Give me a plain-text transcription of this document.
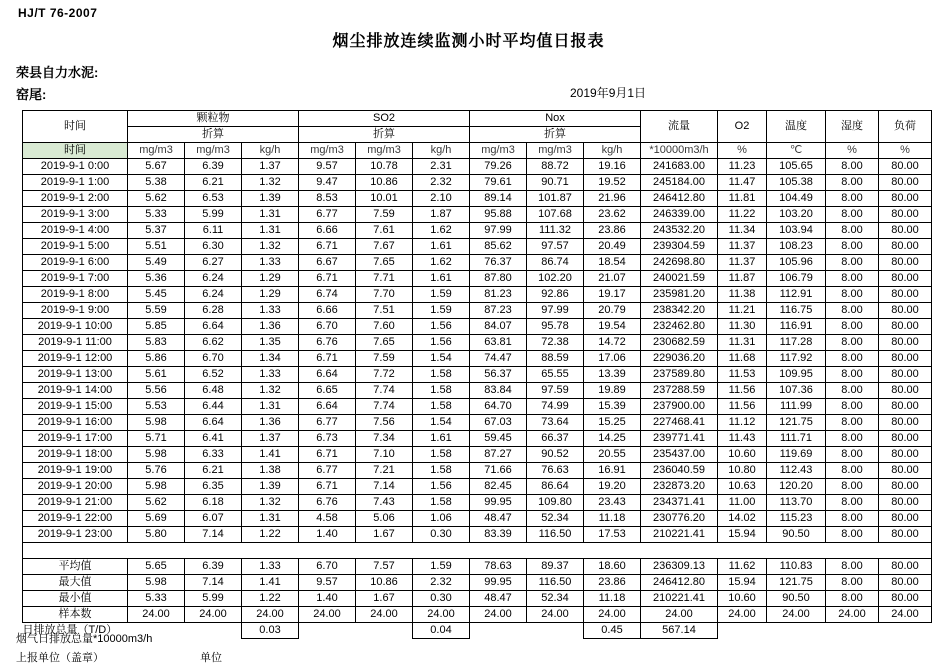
HJ/T 76-2007
烟尘排放连续监测小时平均值日报表
荣县自力水泥:
窑尾:	2019年9月1日
时间	颗粒物			SO2			Nox			流量	O2	温度	湿度	负荷
	折算			折算			折算							
时间	mg/m3	mg/m3	kg/h	mg/m3	mg/m3	kg/h	mg/m3	mg/m3	kg/h	*10000m3/h	%	℃	%	%
2019-9-1 0:00	5.67	6.39	1.37	9.57	10.78	2.31	79.26	88.72	19.16	241683.00	11.23	105.65	8.00	80.00
2019-9-1 1:00	5.38	6.21	1.32	9.47	10.86	2.32	79.61	90.71	19.52	245184.00	11.47	105.38	8.00	80.00
2019-9-1 2:00	5.62	6.53	1.39	8.53	10.01	2.10	89.14	101.87	21.96	246412.80	11.81	104.49	8.00	80.00
2019-9-1 3:00	5.33	5.99	1.31	6.77	7.59	1.87	95.88	107.68	23.62	246339.00	11.22	103.20	8.00	80.00
2019-9-1 4:00	5.37	6.11	1.31	6.66	7.61	1.62	97.99	111.32	23.86	243532.20	11.34	103.94	8.00	80.00
2019-9-1 5:00	5.51	6.30	1.32	6.71	7.67	1.61	85.62	97.57	20.49	239304.59	11.37	108.23	8.00	80.00
2019-9-1 6:00	5.49	6.27	1.33	6.67	7.65	1.62	76.37	86.74	18.54	242698.80	11.37	105.96	8.00	80.00
2019-9-1 7:00	5.36	6.24	1.29	6.71	7.71	1.61	87.80	102.20	21.07	240021.59	11.87	106.79	8.00	80.00
2019-9-1 8:00	5.45	6.24	1.29	6.74	7.70	1.59	81.23	92.86	19.17	235981.20	11.38	112.91	8.00	80.00
2019-9-1 9:00	5.59	6.28	1.33	6.66	7.51	1.59	87.23	97.99	20.79	238342.20	11.21	116.75	8.00	80.00
2019-9-1 10:00	5.85	6.64	1.36	6.70	7.60	1.56	84.07	95.78	19.54	232462.80	11.30	116.91	8.00	80.00
2019-9-1 11:00	5.83	6.62	1.35	6.76	7.65	1.56	63.81	72.38	14.72	230682.59	11.31	117.28	8.00	80.00
2019-9-1 12:00	5.86	6.70	1.34	6.71	7.59	1.54	74.47	88.59	17.06	229036.20	11.68	117.92	8.00	80.00
2019-9-1 13:00	5.61	6.52	1.33	6.64	7.72	1.58	56.37	65.55	13.39	237589.80	11.53	109.95	8.00	80.00
2019-9-1 14:00	5.56	6.48	1.32	6.65	7.74	1.58	83.84	97.59	19.89	237288.59	11.56	107.36	8.00	80.00
2019-9-1 15:00	5.53	6.44	1.31	6.64	7.74	1.58	64.70	74.99	15.39	237900.00	11.56	111.99	8.00	80.00
2019-9-1 16:00	5.98	6.64	1.36	6.77	7.56	1.54	67.03	73.64	15.25	227468.41	11.12	121.75	8.00	80.00
2019-9-1 17:00	5.71	6.41	1.37	6.73	7.34	1.61	59.45	66.37	14.25	239771.41	11.43	111.71	8.00	80.00
2019-9-1 18:00	5.98	6.33	1.41	6.71	7.10	1.58	87.27	90.52	20.55	235437.00	10.60	119.69	8.00	80.00
2019-9-1 19:00	5.76	6.21	1.38	6.77	7.21	1.58	71.66	76.63	16.91	236040.59	10.80	112.43	8.00	80.00
2019-9-1 20:00	5.98	6.35	1.39	6.71	7.14	1.56	82.45	86.64	19.20	232873.20	10.63	120.20	8.00	80.00
2019-9-1 21:00	5.62	6.18	1.32	6.76	7.43	1.58	99.95	109.80	23.43	234371.41	11.00	113.70	8.00	80.00
2019-9-1 22:00	5.69	6.07	1.31	4.58	5.06	1.06	48.47	52.34	11.18	230776.20	14.02	115.23	8.00	80.00
2019-9-1 23:00	5.80	7.14	1.22	1.40	1.67	0.30	83.39	116.50	17.53	210221.41	15.94	90.50	8.00	80.00

平均值	5.65	6.39	1.33	6.70	7.57	1.59	78.63	89.37	18.60	236309.13	11.62	110.83	8.00	80.00
最大值	5.98	7.14	1.41	9.57	10.86	2.32	99.95	116.50	23.86	246412.80	15.94	121.75	8.00	80.00
最小值	5.33	5.99	1.22	1.40	1.67	0.30	48.47	52.34	11.18	210221.41	10.60	90.50	8.00	80.00
样本数	24.00	24.00	24.00	24.00	24.00	24.00	24.00	24.00	24.00	24.00	24.00	24.00	24.00	24.00
日排放总量（T/D）			0.03			0.04			0.45	567.14				
烟气日排放总量*10000m3/h
上报单位（盖章）	单位
